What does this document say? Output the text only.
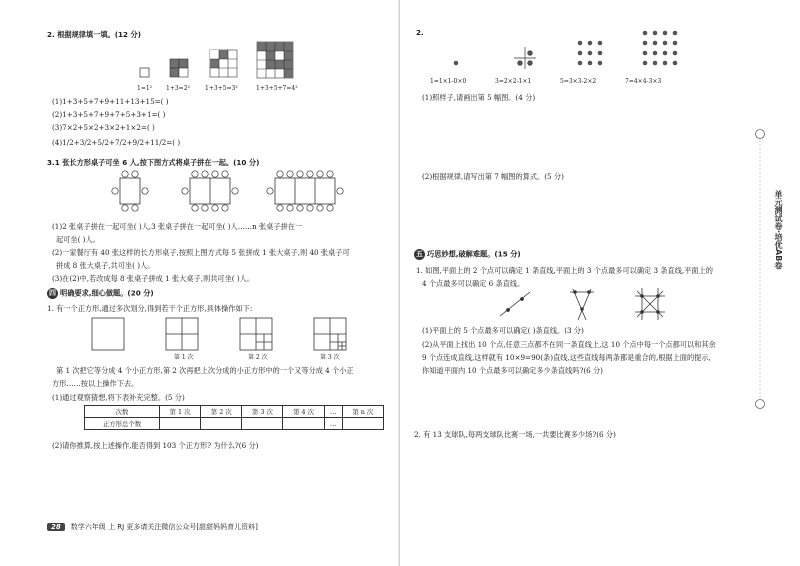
2. 根据规律填一填。(12 分)
1=1² 1+3=2²	1+3+5=3²	1+3+5+7=4²
(1)1+3+5+7+9+11+13+15=( )
(2)1+3+5+7+9+7+5+3+1=( )
(3)7×2+5×2+3×2+1×2=( )
(4)1/2+3/2+5/2+7/2+9/2+11/2=( )
3.1 张长方形桌子可坐 6 人,按下图方式将桌子拼在一起。(10 分)
(1)2 张桌子拼在一起可坐( )人,3 张桌子拼在一起可坐( )人……n 张桌子拼在一
起可坐( )人。
(2)一家餐厅有 40 张这样的长方形桌子,按照上图方式每 5 张拼成 1 张大桌子,则 40 张桌子可
拼成 8 张大桌子,共可坐( )人。
(3)在(2)中,若改成每 8 张桌子拼成 1 张大桌子,则共可坐( )人。
四 明确要求,细心做题。(20 分)
1. 有一个正方形,通过多次划分,得到若干个正方形,具体操作如下:
第 1 次	第 2 次	第 3 次
第 1 次把它等分成 4 个小正方形,第 2 次再把上次分成的小正方形中的一个又等分成 4 个小正
方形……按以上操作下去。
(1)通过观察猜想,将下表补充完整。(5 分)
次数	第 1 次	第 2 次	第 3 次	第 4 次	…	第 n 次
正方形总个数					…	
(2)请你推算,按上述操作,能否得到 103 个正方形? 为什么?(6 分)
28 数学六年级 上 RJ 更多请关注微信公众号[甜甜妈妈育儿资料]
2.
1=1×1-0×0	3=2×2-1×1	5=3×3-2×2	7=4×4-3×3
(1)照样子,请画出第 5 幅图。(4 分)
(2)根据规律,请写出第 7 幅图的算式。(5 分)
五 巧思妙想,破解难题。(15 分)
1. 如图,平面上的 2 个点可以确定 1 条直线,平面上的 3 个点最多可以确定 3 条直线,平面上的
4 个点最多可以确定 6 条直线。
(1)平面上的 5 个点最多可以确定( )条直线。(3 分)
(2)从平面上找出 10 个点,任意三点都不在同一条直线上,这 10 个点中每一个点都可以和其余
9 个点连成直线,这样就有 10×9=90(条)直线,这些直线每两条都是重合的,根据上面的提示,
你知道平面内 10 个点最多可以确定多少条直线吗?(6 分)
2. 有 13 支球队,每两支球队比赛一场,一共要比赛多少场?(6 分)
单元测试卷·培优AB卷
